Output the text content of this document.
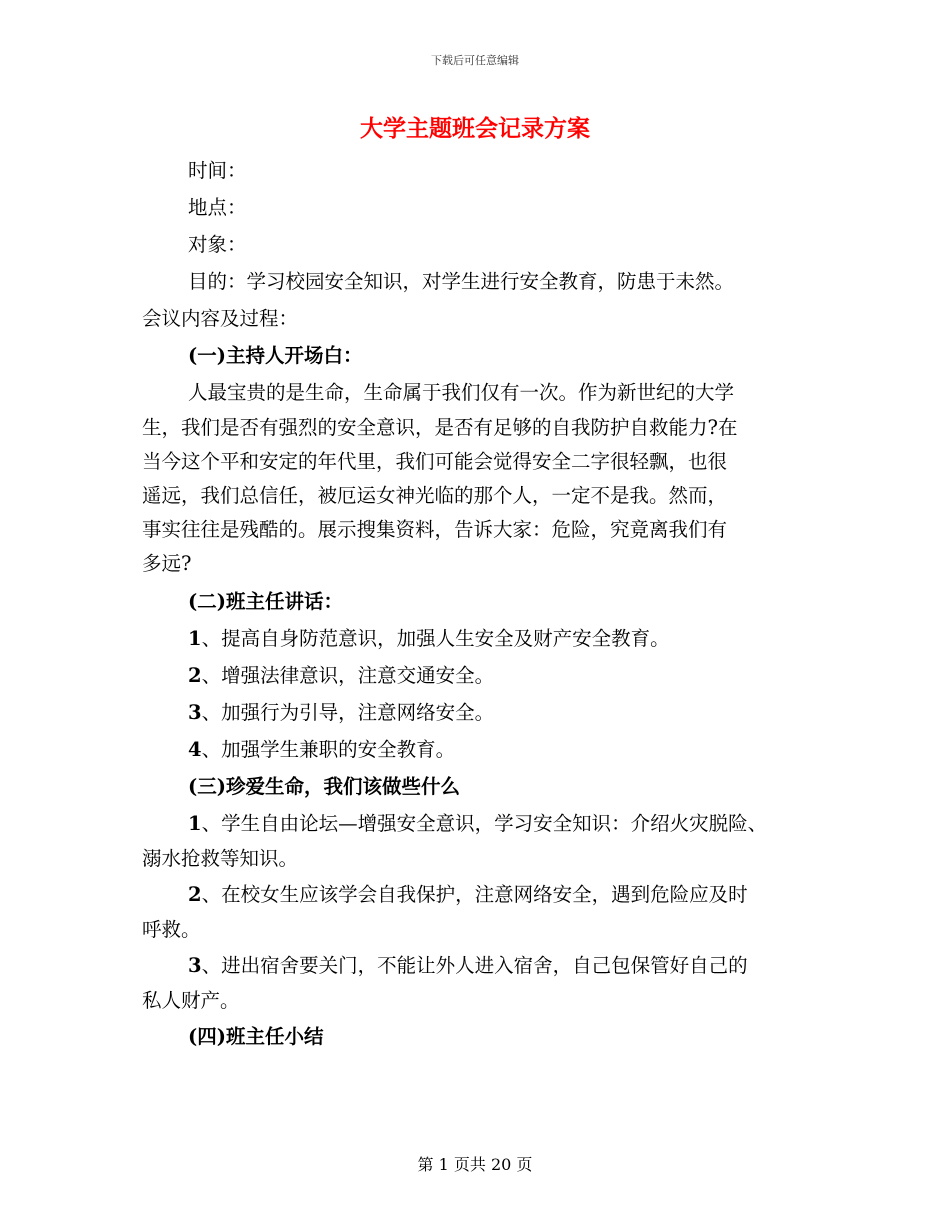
下载后可任意编辑
大学主题班会记录方案
时间：
地点：
对象：
目的：学习校园安全知识，对学生进行安全教育，防患于未然。
会议内容及过程：
(一)主持人开场白：
人最宝贵的是生命，生命属于我们仅有一次。作为新世纪的大学
生，我们是否有强烈的安全意识，是否有足够的自我防护自救能力?在
当今这个平和安定的年代里，我们可能会觉得安全二字很轻飘，也很
遥远，我们总信任，被厄运女神光临的那个人，一定不是我。然而，
事实往往是残酷的。展示搜集资料，告诉大家：危险，究竟离我们有
多远?
(二)班主任讲话：
1、提高自身防范意识，加强人生安全及财产安全教育。
2、增强法律意识，注意交通安全。
3、加强行为引导，注意网络安全。
4、加强学生兼职的安全教育。
(三)珍爱生命，我们该做些什么
1、学生自由论坛—增强安全意识，学习安全知识：介绍火灾脱险、
溺水抢救等知识。
2、在校女生应该学会自我保护，注意网络安全，遇到危险应及时
呼救。
3、进出宿舍要关门，不能让外人进入宿舍，自己包保管好自己的
私人财产。
(四)班主任小结
第 1 页共 20 页
